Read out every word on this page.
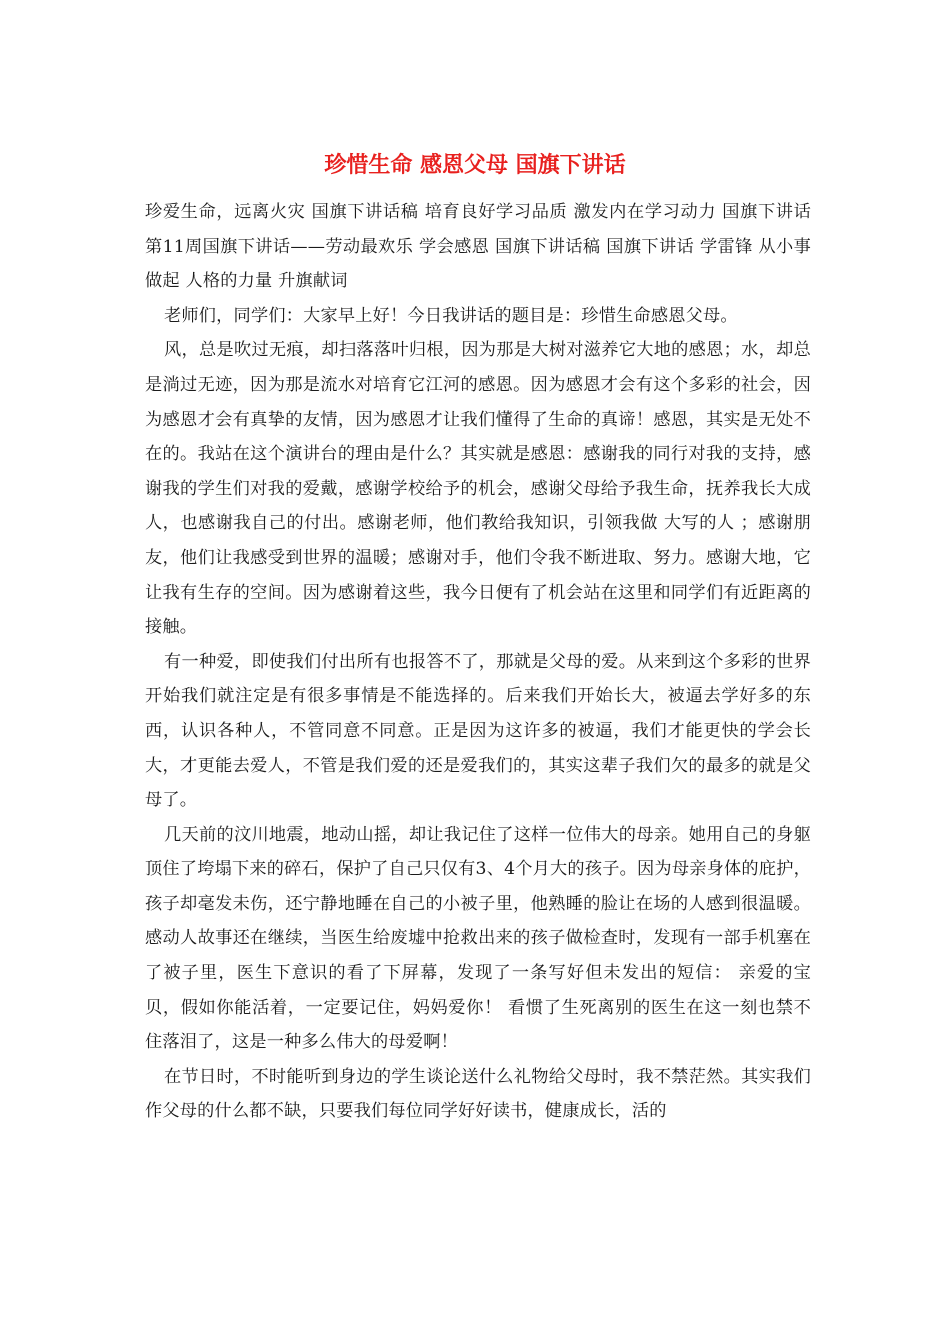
珍惜生命 感恩父母 国旗下讲话

珍爱生命，远离火灾 国旗下讲话稿 培育良好学习品质 激发内在学习动力 国旗下讲话 第11周国旗下讲话——劳动最欢乐 学会感恩 国旗下讲话稿 国旗下讲话 学雷锋 从小事做起 人格的力量 升旗献词

老师们，同学们：大家早上好！今日我讲话的题目是：珍惜生命感恩父母。

风，总是吹过无痕，却扫落落叶归根，因为那是大树对滋养它大地的感恩；水，却总是淌过无迹，因为那是流水对培育它江河的感恩。因为感恩才会有这个多彩的社会，因为感恩才会有真挚的友情，因为感恩才让我们懂得了生命的真谛！感恩，其实是无处不在的。我站在这个演讲台的理由是什么？其实就是感恩：感谢我的同行对我的支持，感谢我的学生们对我的爱戴，感谢学校给予的机会，感谢父母给予我生命，抚养我长大成人，也感谢我自己的付出。感谢老师，他们教给我知识，引领我做 大写的人 ；感谢朋友，他们让我感受到世界的温暖；感谢对手，他们令我不断进取、努力。感谢大地，它让我有生存的空间。因为感谢着这些，我今日便有了机会站在这里和同学们有近距离的接触。

有一种爱，即使我们付出所有也报答不了，那就是父母的爱。从来到这个多彩的世界开始我们就注定是有很多事情是不能选择的。后来我们开始长大，被逼去学好多的东西，认识各种人，不管同意不同意。正是因为这许多的被逼，我们才能更快的学会长大，才更能去爱人，不管是我们爱的还是爱我们的，其实这辈子我们欠的最多的就是父母了。

几天前的汶川地震，地动山摇，却让我记住了这样一位伟大的母亲。她用自己的身躯顶住了垮塌下来的碎石，保护了自己只仅有3、4个月大的孩子。因为母亲身体的庇护，孩子却毫发未伤，还宁静地睡在自己的小被子里，他熟睡的脸让在场的人感到很温暖。感动人故事还在继续，当医生给废墟中抢救出来的孩子做检查时，发现有一部手机塞在了被子里，医生下意识的看了下屏幕，发现了一条写好但未发出的短信： 亲爱的宝贝，假如你能活着，一定要记住，妈妈爱你！ 看惯了生死离别的医生在这一刻也禁不住落泪了，这是一种多么伟大的母爱啊！

在节日时，不时能听到身边的学生谈论送什么礼物给父母时，我不禁茫然。其实我们作父母的什么都不缺，只要我们每位同学好好读书，健康成长，活的
